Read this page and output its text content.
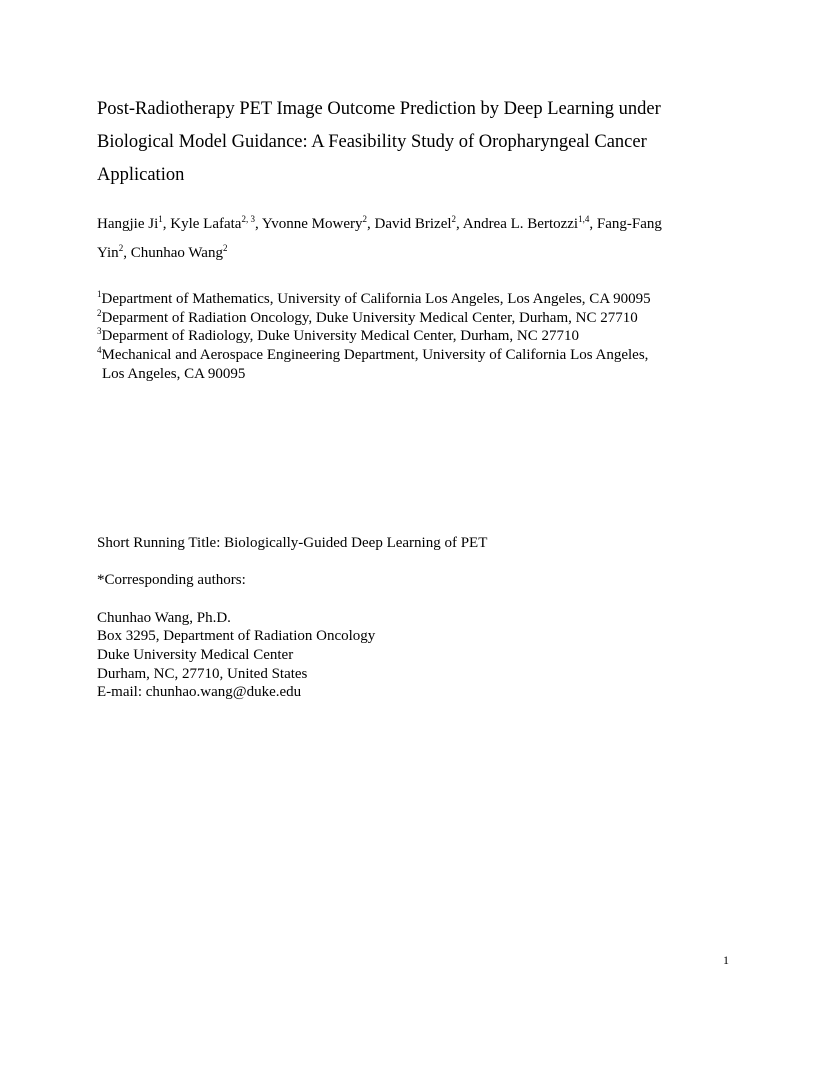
Post-Radiotherapy PET Image Outcome Prediction by Deep Learning under
Biological Model Guidance: A Feasibility Study of Oropharyngeal Cancer
Application
Hangjie Ji$^1$, Kyle Lafata$^{2, 3}$, Yvonne Mowery$^2$, David Brizel$^2$, Andrea L. Bertozzi$^{1,4}$, Fang-Fang
Yin$^2$, Chunhao Wang$^2$
$^1$Department of Mathematics, University of California Los Angeles, Los Angeles, CA 90095
$^2$Deparment of Radiation Oncology, Duke University Medical Center, Durham, NC 27710
$^3$Deparment of Radiology, Duke University Medical Center, Durham, NC 27710
$^4$Mechanical and Aerospace Engineering Department, University of California Los Angeles,
Los Angeles, CA 90095
Short Running Title: Biologically-Guided Deep Learning of PET
*Corresponding authors:
Chunhao Wang, Ph.D.
Box 3295, Department of Radiation Oncology
Duke University Medical Center
Durham, NC, 27710, United States
E-mail: chunhao.wang@duke.edu
1
